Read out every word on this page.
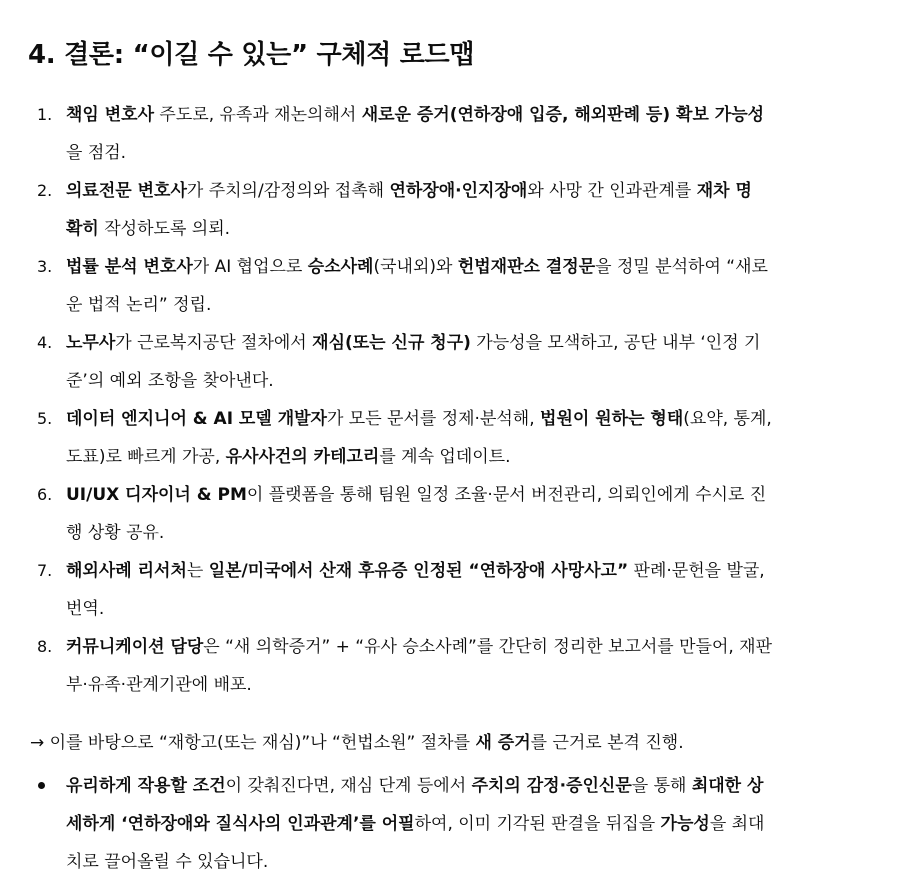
4. 결론: “이길 수 있는” 구체적 로드맵
1. 책임 변호사 주도로, 유족과 재논의해서 새로운 증거(연하장애 입증, 해외판례 등) 확보 가능성
을 점검.
2. 의료전문 변호사가 주치의/감정의와 접촉해 연하장애·인지장애와 사망 간 인과관계를 재차 명
확히 작성하도록 의뢰.
3. 법률 분석 변호사가 AI 협업으로 승소사례(국내외)와 헌법재판소 결정문을 정밀 분석하여 “새로
운 법적 논리” 정립.
4. 노무사가 근로복지공단 절차에서 재심(또는 신규 청구) 가능성을 모색하고, 공단 내부 ‘인정 기
준’의 예외 조항을 찾아낸다.
5. 데이터 엔지니어 & AI 모델 개발자가 모든 문서를 정제·분석해, 법원이 원하는 형태(요약, 통계,
도표)로 빠르게 가공, 유사사건의 카테고리를 계속 업데이트.
6. UI/UX 디자이너 & PM이 플랫폼을 통해 팀원 일정 조율·문서 버전관리, 의뢰인에게 수시로 진
행 상황 공유.
7. 해외사례 리서처는 일본/미국에서 산재 후유증 인정된 “연하장애 사망사고” 판례·문헌을 발굴,
번역.
8. 커뮤니케이션 담당은 “새 의학증거” + “유사 승소사례”를 간단히 정리한 보고서를 만들어, 재판
부·유족·관계기관에 배포.
→ 이를 바탕으로 “재항고(또는 재심)”나 “헌법소원” 절차를 새 증거를 근거로 본격 진행.
유리하게 작용할 조건이 갖춰진다면, 재심 단계 등에서 주치의 감정·증인신문을 통해 최대한 상
세하게 ‘연하장애와 질식사의 인과관계’를 어필하여, 이미 기각된 판결을 뒤집을 가능성을 최대
치로 끌어올릴 수 있습니다.
